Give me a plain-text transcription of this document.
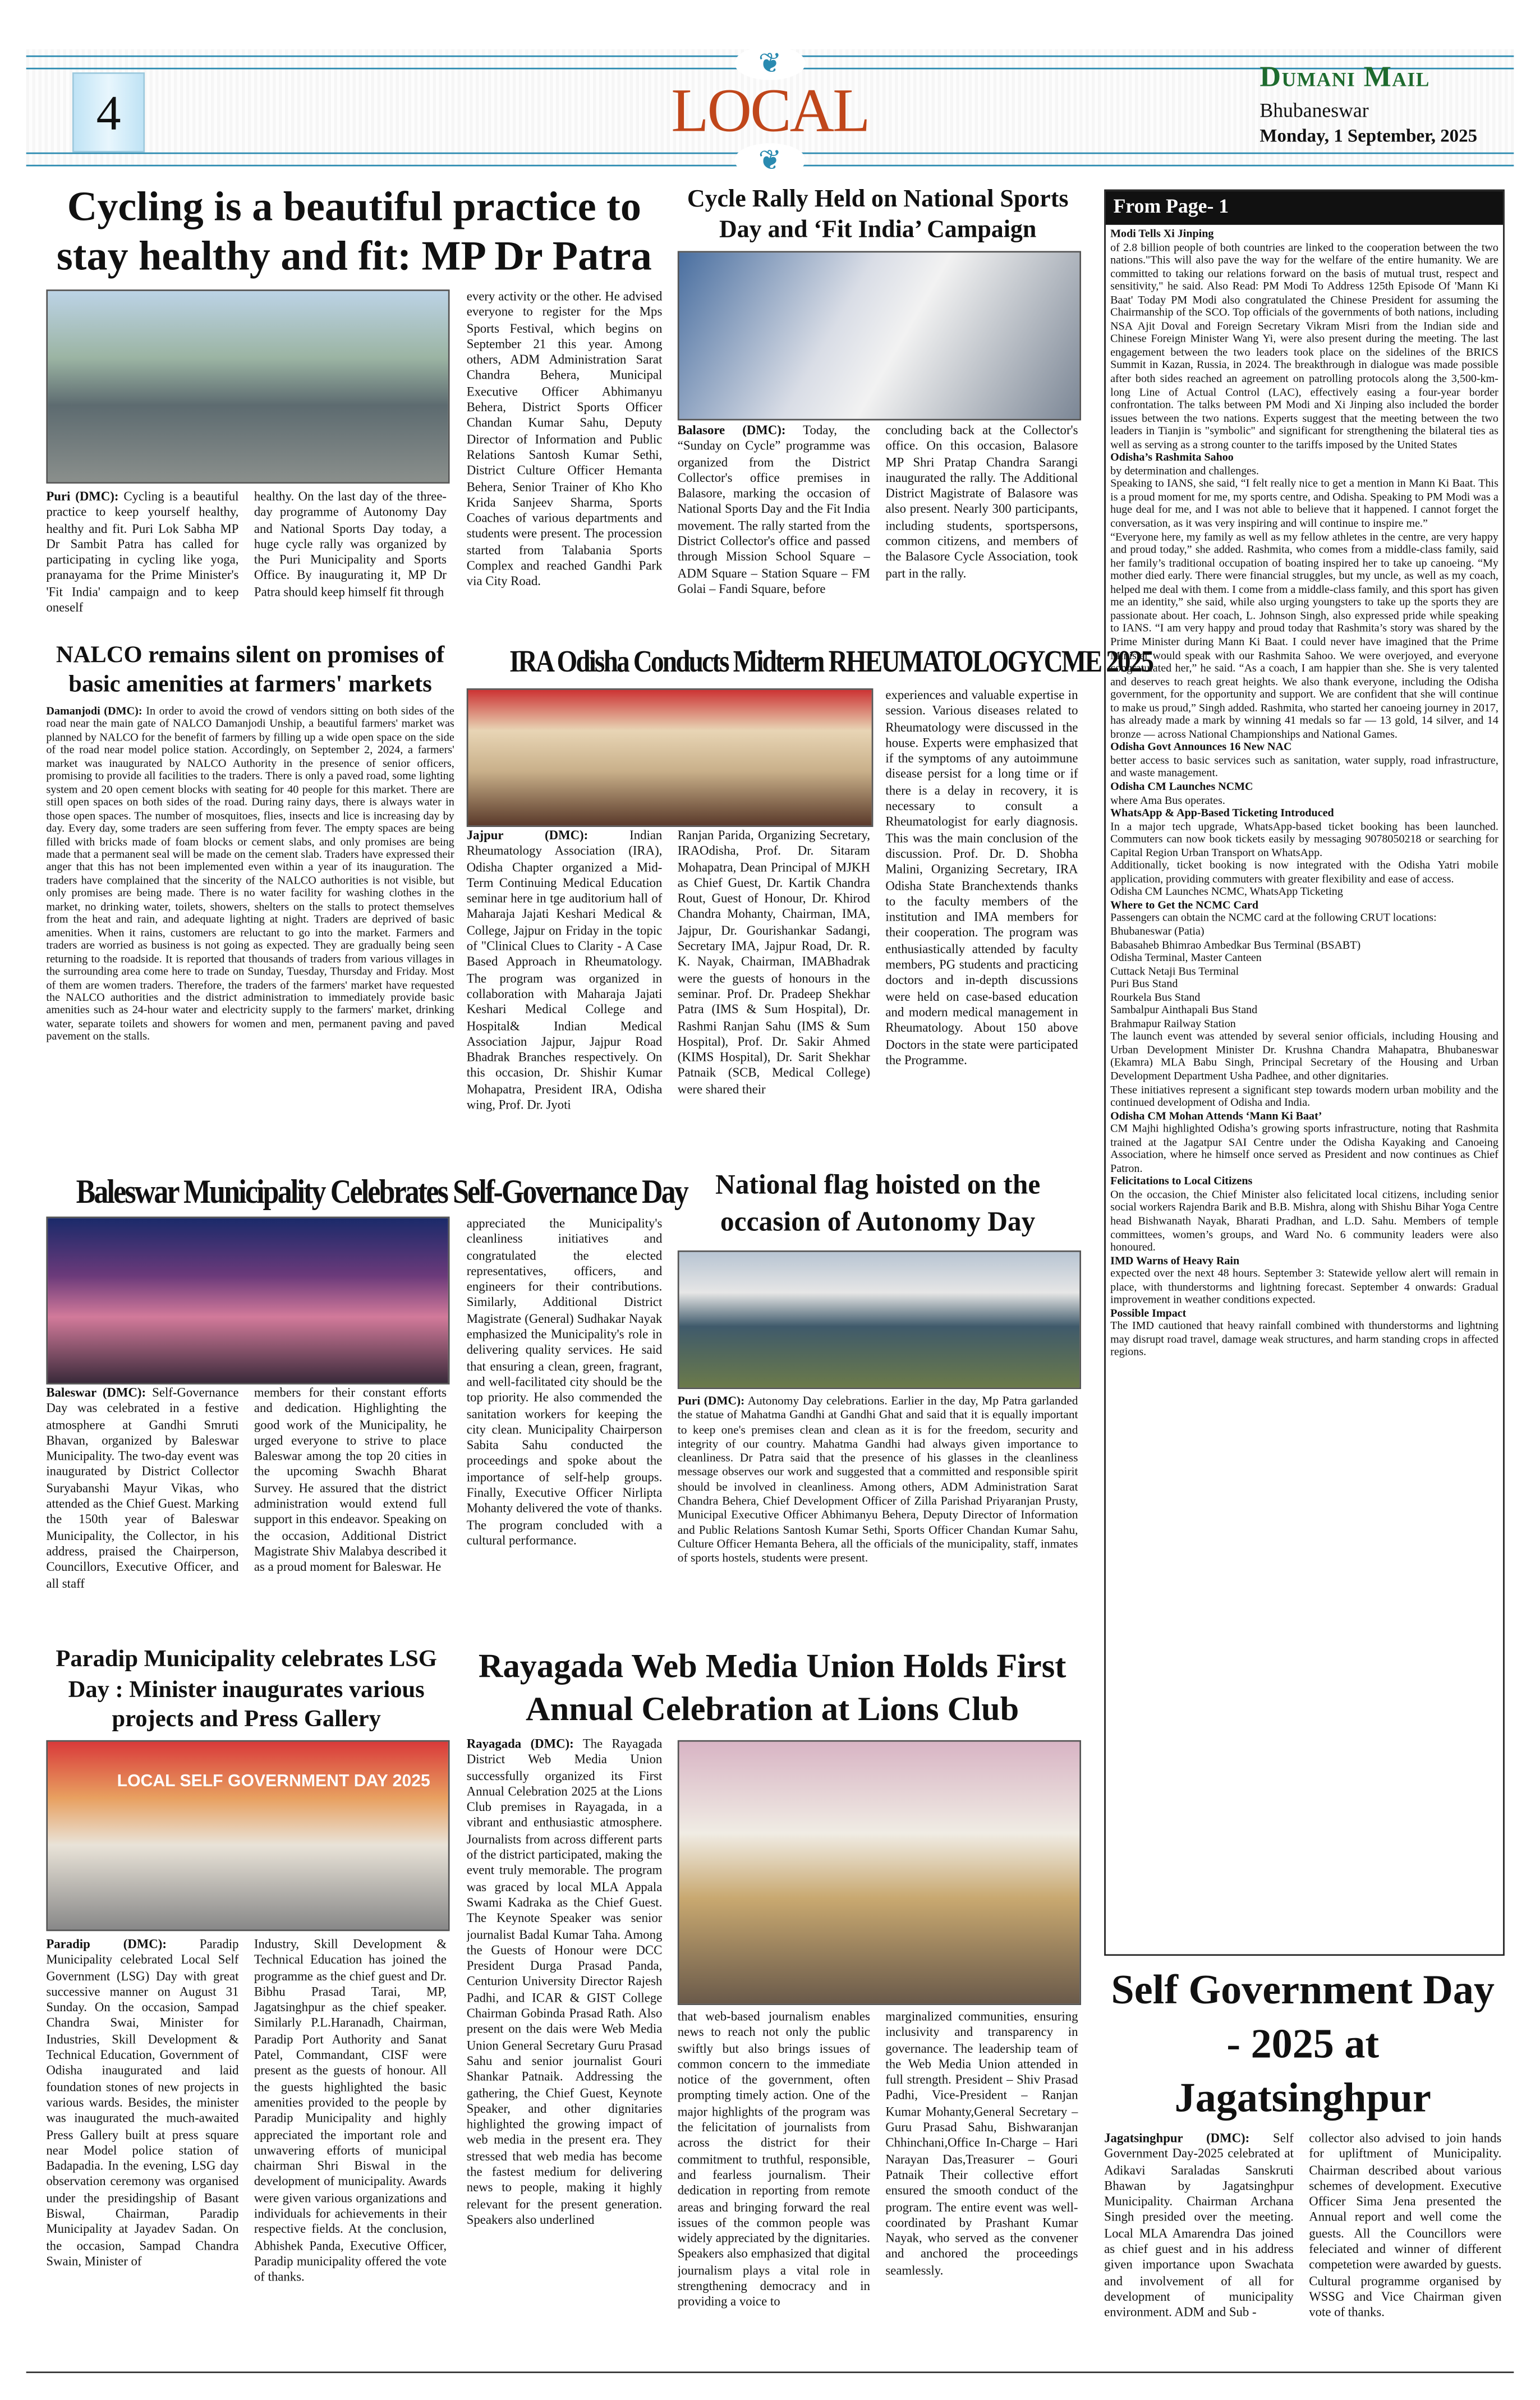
❦
❦
4	LOCAL	Dumani Mail
Bhubaneswar
Monday, 1 September, 2025
Cycling is a beautiful practice to stay healthy and fit: MP Dr Patra
Puri (DMC): Cycling is a beautiful practice to keep yourself healthy, healthy and fit. Puri Lok Sabha MP Dr Sambit Patra has called for participating in cycling like yoga, pranayama for the Prime Minister's 'Fit India' campaign and to keep oneself
healthy. On the last day of the three-day programme of Autonomy Day and National Sports Day today, a huge cycle rally was organized by the Puri Municipality and Sports Office. By inaugurating it, MP Dr Patra should keep himself fit through
every activity or the other. He advised everyone to register for the Mps Sports Festival, which begins on September 21 this year. Among others, ADM Administration Sarat Chandra Behera, Municipal Executive Officer Abhimanyu Behera, District Sports Officer Chandan Kumar Sahu, Deputy Director of Information and Public Relations Santosh Kumar Sethi, District Culture Officer Hemanta Behera, Senior Trainer of Kho Kho Krida Sanjeev Sharma, Sports Coaches of various departments and students were present. The procession started from Talabania Sports Complex and reached Gandhi Park via City Road.
Cycle Rally Held on National Sports Day and ‘Fit India’ Campaign
Balasore (DMC): Today, the “Sunday on Cycle” programme was organized from the District Collector's office premises in Balasore, marking the occasion of National Sports Day and the Fit India movement. The rally started from the District Collector's office and passed through Mission School Square – ADM Square – Station Square – FM Golai – Fandi Square, before
concluding back at the Collector's office. On this occasion, Balasore MP Shri Pratap Chandra Sarangi inaugurated the rally. The Additional District Magistrate of Balasore was also present. Nearly 300 participants, including students, sportspersons, common citizens, and members of the Balasore Cycle Association, took part in the rally.
NALCO remains silent on promises of basic amenities at farmers' markets
Damanjodi (DMC): In order to avoid the crowd of vendors sitting on both sides of the road near the main gate of NALCO Damanjodi Unship, a beautiful farmers' market was planned by NALCO for the benefit of farmers by filling up a wide open space on the side of the road near model police station. Accordingly, on September 2, 2024, a farmers' market was inaugurated by NALCO Authority in the presence of senior officers, promising to provide all facilities to the traders. There is only a paved road, some lighting system and 20 open cement blocks with seating for 40 people for this market. There are still open spaces on both sides of the road. During rainy days, there is always water in those open spaces. The number of mosquitoes, flies, insects and lice is increasing day by day. Every day, some traders are seen suffering from fever. The empty spaces are being filled with bricks made of foam blocks or cement slabs, and only promises are being made that a permanent seal will be made on the cement slab. Traders have expressed their anger that this has not been implemented even within a year of its inauguration. The traders have complained that the sincerity of the NALCO authorities is not visible, but only promises are being made. There is no water facility for washing clothes in the market, no drinking water, toilets, showers, shelters on the stalls to protect themselves from the heat and rain, and adequate lighting at night. Traders are deprived of basic amenities. When it rains, customers are reluctant to go into the market. Farmers and traders are worried as business is not going as expected. They are gradually being seen returning to the roadside. It is reported that thousands of traders from various villages in the surrounding area come here to trade on Sunday, Tuesday, Thursday and Friday. Most of them are women traders. Therefore, the traders of the farmers' market have requested the NALCO authorities and the district administration to immediately provide basic amenities such as 24-hour water and electricity supply to the farmers' market, drinking water, separate toilets and showers for women and men, permanent paving and paved pavement on the stalls.
IRA Odisha Conducts Midterm RHEUMATOLOGYCME 2025
Jajpur (DMC): Indian Rheumatology Association (IRA), Odisha Chapter organized a Mid-Term Continuing Medical Education seminar here in tge auditorium hall of Maharaja Jajati Keshari Medical & College, Jajpur on Friday in the topic of "Clinical Clues to Clarity - A Case Based Approach in Rheumatology. The program was organized in collaboration with Maharaja Jajati Keshari Medical College and Hospital& Indian Medical Association Jajpur, Jajpur Road Bhadrak Branches respectively. On this occasion, Dr. Shishir Kumar Mohapatra, President IRA, Odisha wing, Prof. Dr. Jyoti
Ranjan Parida, Organizing Secretary, IRAOdisha, Prof. Dr. Sitaram Mohapatra, Dean Principal of MJKH as Chief Guest, Dr. Kartik Chandra Rout, Guest of Honour, Dr. Khirod Chandra Mohanty, Chairman, IMA, Jajpur, Dr. Gourishankar Sadangi, Secretary IMA, Jajpur Road, Dr. R. K. Nayak, Chairman, IMABhadrak were the guests of honours in the seminar. Prof. Dr. Pradeep Shekhar Patra (IMS & Sum Hospital), Dr. Rashmi Ranjan Sahu (IMS & Sum Hospital), Prof. Dr. Sakir Ahmed (KIMS Hospital), Dr. Sarit Shekhar Patnaik (SCB, Medical College) were shared their
experiences and valuable expertise in session. Various diseases related to Rheumatology were discussed in the house. Experts were emphasized that if the symptoms of any autoimmune disease persist for a long time or if there is a delay in recovery, it is necessary to consult a Rheumatologist for early diagnosis. This was the main conclusion of the discussion. Prof. Dr. D. Shobha Malini, Organizing Secretary, IRA Odisha State Branchextends thanks to the faculty members of the institution and IMA members for their cooperation. The program was enthusiastically attended by faculty members, PG students and practicing doctors and in-depth discussions were held on case-based education and modern medical management in Rheumatology. About 150 above Doctors in the state were participated the Programme.
Baleswar Municipality Celebrates Self-Governance Day
Baleswar (DMC): Self-Governance Day was celebrated in a festive atmosphere at Gandhi Smruti Bhavan, organized by Baleswar Municipality. The two-day event was inaugurated by District Collector Suryabanshi Mayur Vikas, who attended as the Chief Guest. Marking the 150th year of Baleswar Municipality, the Collector, in his address, praised the Chairperson, Councillors, Executive Officer, and all staff
members for their constant efforts and dedication. Highlighting the good work of the Municipality, he urged everyone to strive to place Baleswar among the top 20 cities in the upcoming Swachh Bharat Survey. He assured that the district administration would extend full support in this endeavor. Speaking on the occasion, Additional District Magistrate Shiv Malabya described it as a proud moment for Baleswar. He
appreciated the Municipality's cleanliness initiatives and congratulated the elected representatives, officers, and engineers for their contributions. Similarly, Additional District Magistrate (General) Sudhakar Nayak emphasized the Municipality's role in delivering quality services. He said that ensuring a clean, green, fragrant, and well-facilitated city should be the top priority. He also commended the sanitation workers for keeping the city clean. Municipality Chairperson Sabita Sahu conducted the proceedings and spoke about the importance of self-help groups. Finally, Executive Officer Nirlipta Mohanty delivered the vote of thanks. The program concluded with a cultural performance.
National flag hoisted on the occasion of Autonomy Day
Puri (DMC): Autonomy Day celebrations. Earlier in the day, Mp Patra garlanded the statue of Mahatma Gandhi at Gandhi Ghat and said that it is equally important to keep one's premises clean and clean as it is for the freedom, security and integrity of our country. Mahatma Gandhi had always given importance to cleanliness. Dr Patra said that the presence of his glasses in the cleanliness message observes our work and suggested that a committed and responsible spirit should be involved in cleanliness. Among others, ADM Administration Sarat Chandra Behera, Chief Development Officer of Zilla Parishad Priyaranjan Prusty, Municipal Executive Officer Abhimanyu Behera, Deputy Director of Information and Public Relations Santosh Kumar Sethi, Sports Officer Chandan Kumar Sahu, Culture Officer Hemanta Behera, all the officials of the municipality, staff, inmates of sports hostels, students were present.
Paradip Municipality celebrates LSG Day : Minister inaugurates various projects and Press Gallery
LOCAL SELF GOVERNMENT DAY 2025
Paradip (DMC): Paradip Municipality celebrated Local Self Government (LSG) Day with great successive manner on August 31 Sunday. On the occasion, Sampad Chandra Swai, Minister for Industries, Skill Development & Technical Education, Government of Odisha inaugurated and laid foundation stones of new projects in various wards. Besides, the minister was inaugurated the much-awaited Press Gallery built at press square near Model police station of Badapadia. In the evening, LSG day observation ceremony was organised under the presidingship of Basant Biswal, Chairman, Paradip Municipality at Jayadev Sadan. On the occasion, Sampad Chandra Swain, Minister of
Industry, Skill Development & Technical Education has joined the programme as the chief guest and Dr. Bibhu Prasad Tarai, MP, Jagatsinghpur as the chief speaker. Similarly P.L.Haranadh, Chairman, Paradip Port Authority and Sanat Patel, Commandant, CISF were present as the guests of honour. All the guests highlighted the basic amenities provided to the people by Paradip Municipality and highly appreciated the important role and unwavering efforts of municipal chairman Shri Biswal in the development of municipality. Awards were given various organizations and individuals for achievements in their respective fields. At the conclusion, Abhishek Panda, Executive Officer, Paradip municipality offered the vote of thanks.
Rayagada Web Media Union Holds First Annual Celebration at Lions Club
Rayagada (DMC): The Rayagada District Web Media Union successfully organized its First Annual Celebration 2025 at the Lions Club premises in Rayagada, in a vibrant and enthusiastic atmosphere. Journalists from across different parts of the district participated, making the event truly memorable. The program was graced by local MLA Appala Swami Kadraka as the Chief Guest. The Keynote Speaker was senior journalist Badal Kumar Taha. Among the Guests of Honour were DCC President Durga Prasad Panda, Centurion University Director Rajesh Padhi, and ICAR & GIST College Chairman Gobinda Prasad Rath. Also present on the dais were Web Media Union General Secretary Guru Prasad Sahu and senior journalist Gouri Shankar Patnaik. Addressing the gathering, the Chief Guest, Keynote Speaker, and other dignitaries highlighted the growing impact of web media in the present era. They stressed that web media has become the fastest medium for delivering news to people, making it highly relevant for the present generation. Speakers also underlined
that web-based journalism enables news to reach not only the public swiftly but also brings issues of common concern to the immediate notice of the government, often prompting timely action. One of the major highlights of the program was the felicitation of journalists from across the district for their commitment to truthful, responsible, and fearless journalism. Their dedication in reporting from remote areas and bringing forward the real issues of the common people was widely appreciated by the dignitaries. Speakers also emphasized that digital journalism plays a vital role in strengthening democracy and in providing a voice to
marginalized communities, ensuring inclusivity and transparency in governance. The leadership team of the Web Media Union attended in full strength. President – Shiv Prasad Padhi, Vice-President – Ranjan Kumar Mohanty,General Secretary – Guru Prasad Sahu, Bishwaranjan Chhinchani,Office In-Charge – Hari Narayan Das,Treasurer – Gouri Patnaik Their collective effort ensured the smooth conduct of the program. The entire event was well-coordinated by Prashant Kumar Nayak, who served as the convener and anchored the proceedings seamlessly.
From Page- 1

Modi Tells Xi Jinping

of 2.8 billion people of both countries are linked to the cooperation between the two nations."This will also pave the way for the welfare of the entire humanity. We are committed to taking our relations forward on the basis of mutual trust, respect and sensitivity," he said. Also Read: PM Modi To Address 125th Episode Of 'Mann Ki Baat' Today PM Modi also congratulated the Chinese President for assuming the Chairmanship of the SCO. Top officials of the governments of both nations, including NSA Ajit Doval and Foreign Secretary Vikram Misri from the Indian side and Chinese Foreign Minister Wang Yi, were also present during the meeting. The last engagement between the two leaders took place on the sidelines of the BRICS Summit in Kazan, Russia, in 2024. The breakthrough in dialogue was made possible after both sides reached an agreement on patrolling protocols along the 3,500-km-long Line of Actual Control (LAC), effectively easing a four-year border confrontation. The talks between PM Modi and Xi Jinping also included the border issues between the two nations. Experts suggest that the meeting between the two leaders in Tianjin is "symbolic" and significant for strengthening the bilateral ties as well as serving as a strong counter to the tariffs imposed by the United States

Odisha’s Rashmita Sahoo

by determination and challenges.

Speaking to IANS, she said, “I felt really nice to get a mention in Mann Ki Baat. This is a proud moment for me, my sports centre, and Odisha. Speaking to PM Modi was a huge deal for me, and I was not able to believe that it happened. I cannot forget the conversation, as it was very inspiring and will continue to inspire me.”

“Everyone here, my family as well as my fellow athletes in the centre, are very happy and proud today,” she added. Rashmita, who comes from a middle-class family, said her family’s traditional occupation of boating inspired her to take up canoeing. “My mother died early. There were financial struggles, but my uncle, as well as my coach, helped me deal with them. I come from a middle-class family, and this sport has given me an identity,” she said, while also urging youngsters to take up the sports they are passionate about. Her coach, L. Johnson Singh, also expressed pride while speaking to IANS. “I am very happy and proud today that Rashmita’s story was shared by the Prime Minister during Mann Ki Baat. I could never have imagined that the Prime Minister would speak with our Rashmita Sahoo. We were overjoyed, and everyone congratulated her,” he said. “As a coach, I am happier than she. She is very talented and deserves to reach great heights. We also thank everyone, including the Odisha government, for the opportunity and support. We are confident that she will continue to make us proud,” Singh added. Rashmita, who started her canoeing journey in 2017, has already made a mark by winning 41 medals so far — 13 gold, 14 silver, and 14 bronze — across National Championships and National Games.

Odisha Govt Announces 16 New NAC

better access to basic services such as sanitation, water supply, road infrastructure, and waste management.

Odisha CM Launches NCMC

where Ama Bus operates.

WhatsApp & App-Based Ticketing Introduced

In a major tech upgrade, WhatsApp-based ticket booking has been launched. Commuters can now book tickets easily by messaging 9078050218 or searching for Capital Region Urban Transport on WhatsApp.

Additionally, ticket booking is now integrated with the Odisha Yatri mobile application, providing commuters with greater flexibility and ease of access.

Odisha CM Launches NCMC, WhatsApp Ticketing

Where to Get the NCMC Card

Passengers can obtain the NCMC card at the following CRUT locations:

Bhubaneswar (Patia)

Babasaheb Bhimrao Ambedkar Bus Terminal (BSABT)

Odisha Terminal, Master Canteen

Cuttack Netaji Bus Terminal

Puri Bus Stand

Rourkela Bus Stand

Sambalpur Ainthapali Bus Stand

Brahmapur Railway Station

The launch event was attended by several senior officials, including Housing and Urban Development Minister Dr. Krushna Chandra Mahapatra, Bhubaneswar (Ekamra) MLA Babu Singh, Principal Secretary of the Housing and Urban Development Department Usha Padhee, and other dignitaries.

These initiatives represent a significant step towards modern urban mobility and the continued development of Odisha and India.

Odisha CM Mohan Attends ‘Mann Ki Baat’

CM Majhi highlighted Odisha’s growing sports infrastructure, noting that Rashmita trained at the Jagatpur SAI Centre under the Odisha Kayaking and Canoeing Association, where he himself once served as President and now continues as Chief Patron.

Felicitations to Local Citizens

On the occasion, the Chief Minister also felicitated local citizens, including senior social workers Rajendra Barik and B.B. Mishra, along with Shishu Bihar Yoga Centre head Bishwanath Nayak, Bharati Pradhan, and L.D. Sahu. Members of temple committees, women’s groups, and Ward No. 6 community leaders were also honoured.

IMD Warns of Heavy Rain

expected over the next 48 hours. September 3: Statewide yellow alert will remain in place, with thunderstorms and lightning forecast. September 4 onwards: Gradual improvement in weather conditions expected.

Possible Impact

The IMD cautioned that heavy rainfall combined with thunderstorms and lightning may disrupt road travel, damage weak structures, and harm standing crops in affected regions.

Self Government Day - 2025 at Jagatsinghpur
Jagatsinghpur (DMC): Self Government Day-2025 celebrated at Adikavi Saraladas Sanskruti Bhawan by Jagatsinghpur Municipality. Chairman Archana Singh presided over the meeting. Local MLA Amarendra Das joined as chief guest and in his address given importance upon Swachata and involvement of all for development of municipality environment. ADM and Sub -
collector also advised to join hands for upliftment of Municipality. Chairman described about various schemes of development. Executive Officer Sima Jena presented the Annual report and well come the guests. All the Councillors were feleciated and winner of different competetion were awarded by guests. Cultural programme organised by WSSG and Vice Chairman given vote of thanks.
